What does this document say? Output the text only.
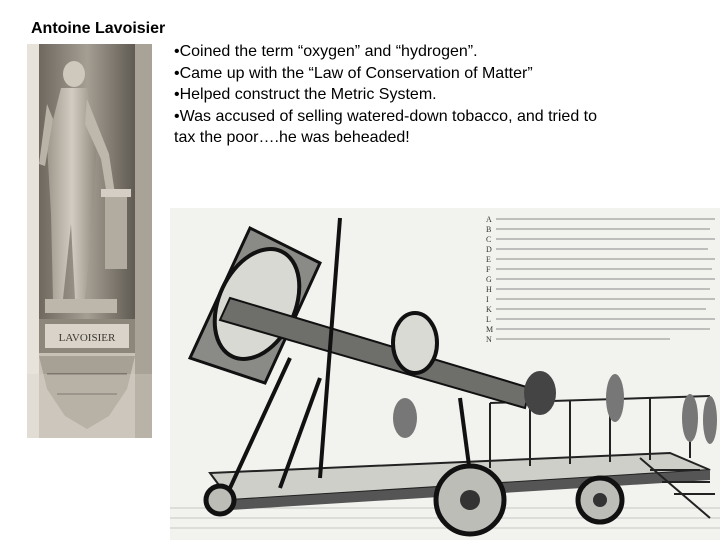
Antoine Lavoisier
•Coined the term “oxygen” and “hydrogen”.
•Came up with the “Law of Conservation of Matter”
•Helped construct the Metric System.
•Was accused of selling watered-down tobacco, and tried to
tax the poor….he was beheaded!
LAVOISIER
A
B
C
D
E
F
G
H
I
K
L
M
N
